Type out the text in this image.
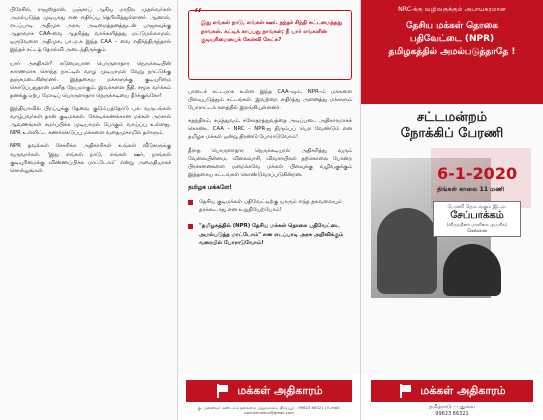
பிரேசில், ராஜஸ்தான், பஞ்சாப் ஆகிய மாநில முதல்வர்கள் அமல்படுத்த முடியாது என எதிர்ப்பு தெரிவித்துள்ளனர். ஆனால், எடப்பாடி அதிமுக அரசு, அடிமைத்தனத்துடன் பாஜகவுக்கு ஆதரவாக CAA-வை ஆதரித்து வாக்களித்தது மட்டுமல்லாமல், ஒருவேளை அதிமுக, பா.ம.க இந்த CAA – வை எதிர்த்திருந்தால் இந்தச் சட்டத் தோல்வி அடைந்திருக்கும்.

யார் அகதிகள்? கடுமையான பொருளாதார நெருக்கடியின் காரணமாக சொந்த நாட்டில் வாழ முடியாமல் வேறு நாட்டுக்கு தஞ்சமடைகின்றனர். இத்தகைய மக்களுக்கு குடியுரிமை கொடுப்பதுதான் மனித நேயமாகும். இவர்களை நீதி, சமூக வர்க்கம் தனக்கு ஏற்ப மோடிப் பொருளாதார நெருக்கடியை தீர்க்குங்கோ!

இந்தியாவில் பிறப்புக்கு தேவை குடும்பத்தோடு பல வருடங்கள் வாழ்பவர்கள் தான் குடிமக்கள். கோடிக்கணக்கான மக்கள் அரசால் ஆவணங்கள் சமர்ப்பிக்க முடியாமல் போகும் வாய்ப்பு உள்ளது. NPR உள்ளிட்ட கணக்கெடுப்பு மக்களை வதைமுகாமில் தள்ளும்.

NPR தவல்கள் சேகரிக்க அதிகாரிகள் உங்கள் வீடுகளுக்கு வருவார்கள். 'இது எங்கள் நாடு, எங்கள் ஊர், நாங்கள் குடியுரிமைக்கு விண்ணப்பிக்க மாட்டோம்' என்று அமைதியாகச் சொல்லுங்கள்.

“
இது எங்கள் நாடு, எங்கள் ஊர். நந்தச் சிந்தி கட்டமைத்தது நாங்கள். கட்டிக் காப்பது நாங்கள்; நீ யார் எங்களின் குடியுரிமையைக் கேள்வி கேட்க?

பாடைச் சட்டமாக உள்ள இந்த CAA–வும், NPR–ம் மக்களை பிளவுபடுத்தும் சட்டங்கள். இவற்றை எதிர்த்து அனைத்து மக்களும் போராட்டக் களத்தில் இறங்கியுள்ளனர்.

சுதந்திரம், சமத்துவம், சகோதரத்துவத்தை அடிப்படை அதிகாரமாகக் கொண்ட CAA – NRC – NPR-ஐ திரும்பப் பெற வேண்டும் என தமிழக மக்கள் ஒன்று திரண்டு போராடுவோம்!

தீராத பொருளாதார நெருக்கடியால் அதிகரித்து வரும் வேலையின்மை, விலைவாசி, விவசாயிகள் தற்கொலை போன்ற பிரச்சனைகளை மறைக்கவே மக்கள் பிளவுக்கு வழிவகுக்கும் இத்தகைய சட்டங்கள் கொண்டுவரப்படுகின்றன.

தமிழக மக்களே!
தேசிய குடிமக்கள் பதிவேட்டிற்கு யாரும் எந்த தகவலையும் தரக்கூடாது என உறுதியேற்போம்!
"தமிழகத்தில் (NPR) தேசிய மக்கள் தொகை பதிவேட்டை அமல்படுத்த மாட்டோம்" என எடப்பாடி அரசு அறிவிக்கும் வரையில் போராடுவோம்!
மக்கள் அதிகாரம்
கு. முனைவர் மண்டலம் தலைமை அலுவலகம், திருப்பூர் - 99623 66321 | E-mail: ppchennaimu@gmail.com
NRC-க்கு வழிவகுக்கும் அபாயகரமான
தேசிய மக்கள் தொகை
பதிவேட்டை (NPR)
தமிழகத்தில் அமல்படுத்தாதே !
சட்டமன்றம்
நோக்கிப் பேரணி
6-1-2020
திங்கள் காலை 11 மணி
பேரணி தொடங்கும் இடம்:
சேப்பாக்கம்
(விருந்தினர் மாளிகை அருகில்)
சென்னை
மக்கள் அதிகாரம்
தமிழ்நாடு – புதுவை
99623 66321
